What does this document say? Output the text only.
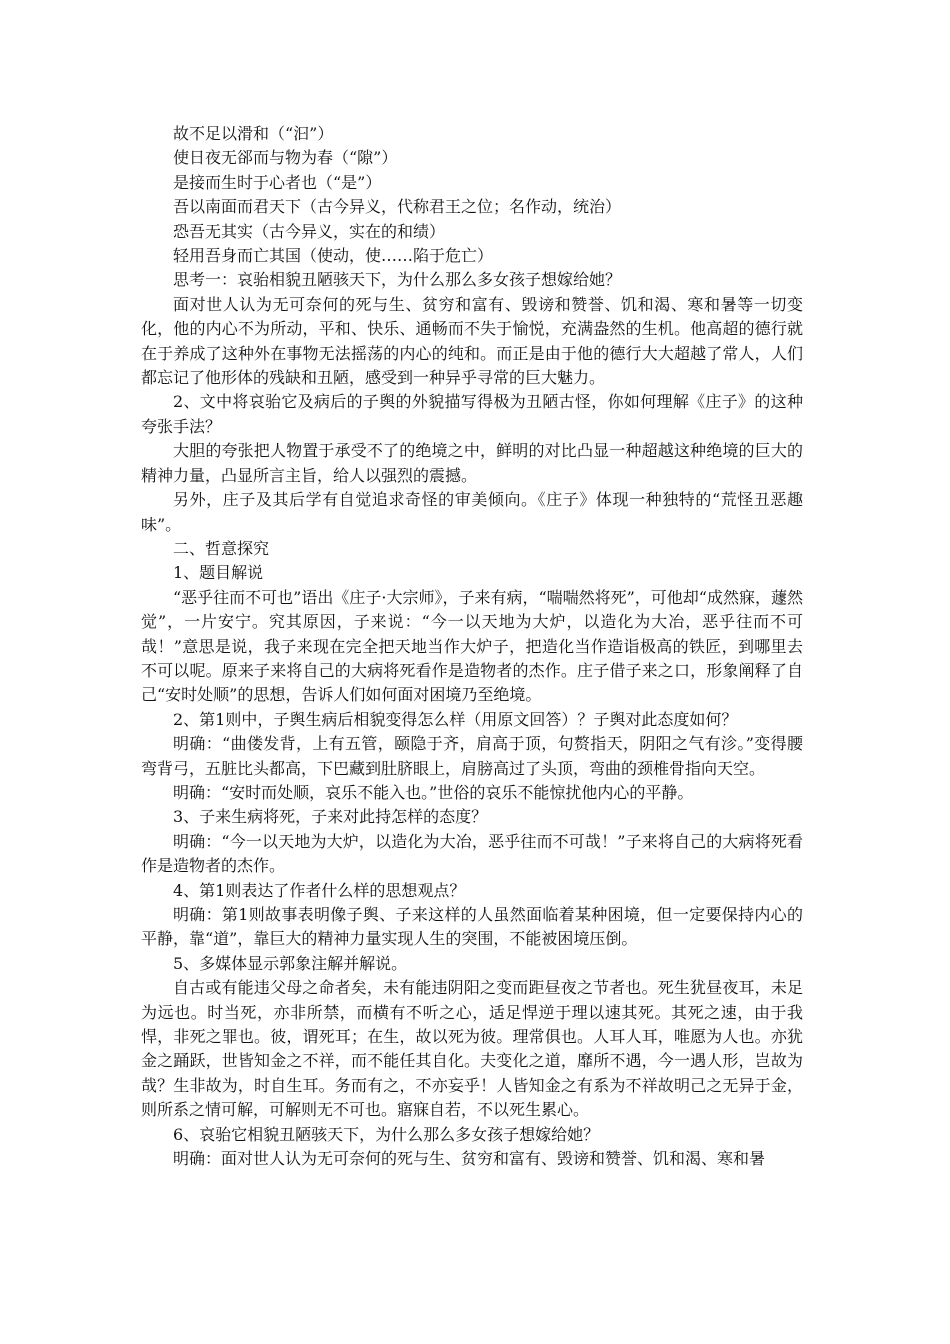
故不足以滑和（“汩”）

使日夜无郤而与物为春（“隙”）

是接而生时于心者也（“是”）

吾以南面而君天下（古今异义，代称君王之位；名作动，统治）

恐吾无其实（古今异义，实在的和绩）

轻用吾身而亡其国（使动，使……陷于危亡）

思考一：哀骀相貌丑陋骇天下，为什么那么多女孩子想嫁给她？

面对世人认为无可奈何的死与生、贫穷和富有、毁谤和赞誉、饥和渴、寒和暑等一切变化，他的内心不为所动，平和、快乐、通畅而不失于愉悦，充满盎然的生机。他高超的德行就在于养成了这种外在事物无法摇荡的内心的纯和。而正是由于他的德行大大超越了常人，人们都忘记了他形体的残缺和丑陋，感受到一种异乎寻常的巨大魅力。

2、文中将哀骀它及病后的子舆的外貌描写得极为丑陋古怪，你如何理解《庄子》的这种夸张手法？

大胆的夸张把人物置于承受不了的绝境之中，鲜明的对比凸显一种超越这种绝境的巨大的精神力量，凸显所言主旨，给人以强烈的震撼。

另外，庄子及其后学有自觉追求奇怪的审美倾向。《庄子》体现一种独特的“荒怪丑恶趣味”。

二、哲意探究

1、题目解说

“恶乎往而不可也”语出《庄子·大宗师》，子来有病，“喘喘然将死”，可他却“成然寐，蘧然觉”，一片安宁。究其原因，子来说：“今一以天地为大炉，以造化为大冶，恶乎往而不可哉！”意思是说，我子来现在完全把天地当作大炉子，把造化当作造诣极高的铁匠，到哪里去不可以呢。原来子来将自己的大病将死看作是造物者的杰作。庄子借子来之口，形象阐释了自己“安时处顺”的思想，告诉人们如何面对困境乃至绝境。

2、第1则中，子舆生病后相貌变得怎么样（用原文回答）？子舆对此态度如何？

明确：“曲偻发背，上有五管，颐隐于齐，肩高于顶，句赘指天，阴阳之气有沴。”变得腰弯背弓，五脏比头都高，下巴藏到肚脐眼上，肩膀高过了头顶，弯曲的颈椎骨指向天空。

明确：“安时而处顺，哀乐不能入也。”世俗的哀乐不能惊扰他内心的平静。

3、子来生病将死，子来对此持怎样的态度？

明确：“今一以天地为大炉，以造化为大冶，恶乎往而不可哉！”子来将自己的大病将死看作是造物者的杰作。

4、第1则表达了作者什么样的思想观点？

明确：第1则故事表明像子舆、子来这样的人虽然面临着某种困境，但一定要保持内心的平静，靠“道”，靠巨大的精神力量实现人生的突围，不能被困境压倒。

5、多媒体显示郭象注解并解说。

自古或有能违父母之命者矣，未有能违阴阳之变而距昼夜之节者也。死生犹昼夜耳，未足为远也。时当死，亦非所禁，而横有不听之心，适足悍逆于理以速其死。其死之速，由于我悍，非死之罪也。彼，谓死耳；在生，故以死为彼。理常俱也。人耳人耳，唯愿为人也。亦犹金之踊跃，世皆知金之不祥，而不能任其自化。夫变化之道，靡所不遇，今一遇人形，岂故为哉？生非故为，时自生耳。务而有之，不亦妄乎！人皆知金之有系为不祥故明己之无异于金，则所系之情可解，可解则无不可也。寤寐自若，不以死生累心。

6、哀骀它相貌丑陋骇天下，为什么那么多女孩子想嫁给她？

明确：面对世人认为无可奈何的死与生、贫穷和富有、毁谤和赞誉、饥和渴、寒和暑
